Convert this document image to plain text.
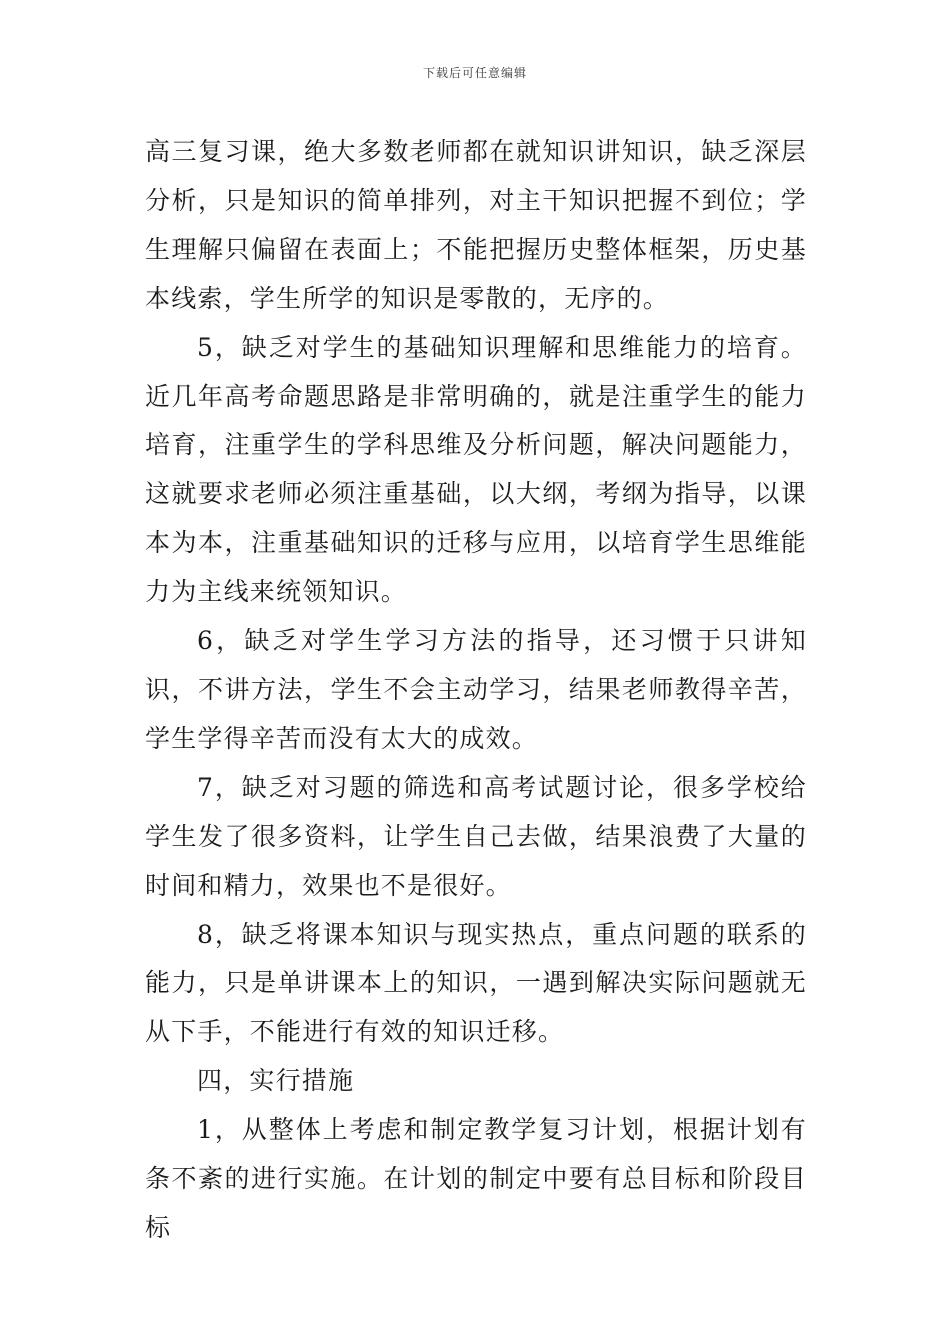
下载后可任意编辑

高三复习课，绝大多数老师都在就知识讲知识，缺乏深层分析，只是知识的简单排列，对主干知识把握不到位；学生理解只偏留在表面上；不能把握历史整体框架，历史基本线索，学生所学的知识是零散的，无序的。

5，缺乏对学生的基础知识理解和思维能力的培育。近几年高考命题思路是非常明确的，就是注重学生的能力培育，注重学生的学科思维及分析问题，解决问题能力，这就要求老师必须注重基础，以大纲，考纲为指导，以课本为本，注重基础知识的迁移与应用，以培育学生思维能力为主线来统领知识。

6，缺乏对学生学习方法的指导，还习惯于只讲知识，不讲方法，学生不会主动学习，结果老师教得辛苦，学生学得辛苦而没有太大的成效。

7，缺乏对习题的筛选和高考试题讨论，很多学校给学生发了很多资料，让学生自己去做，结果浪费了大量的时间和精力，效果也不是很好。

8，缺乏将课本知识与现实热点，重点问题的联系的能力，只是单讲课本上的知识，一遇到解决实际问题就无从下手，不能进行有效的知识迁移。

四，实行措施

1，从整体上考虑和制定教学复习计划，根据计划有条不紊的进行实施。在计划的制定中要有总目标和阶段目标
